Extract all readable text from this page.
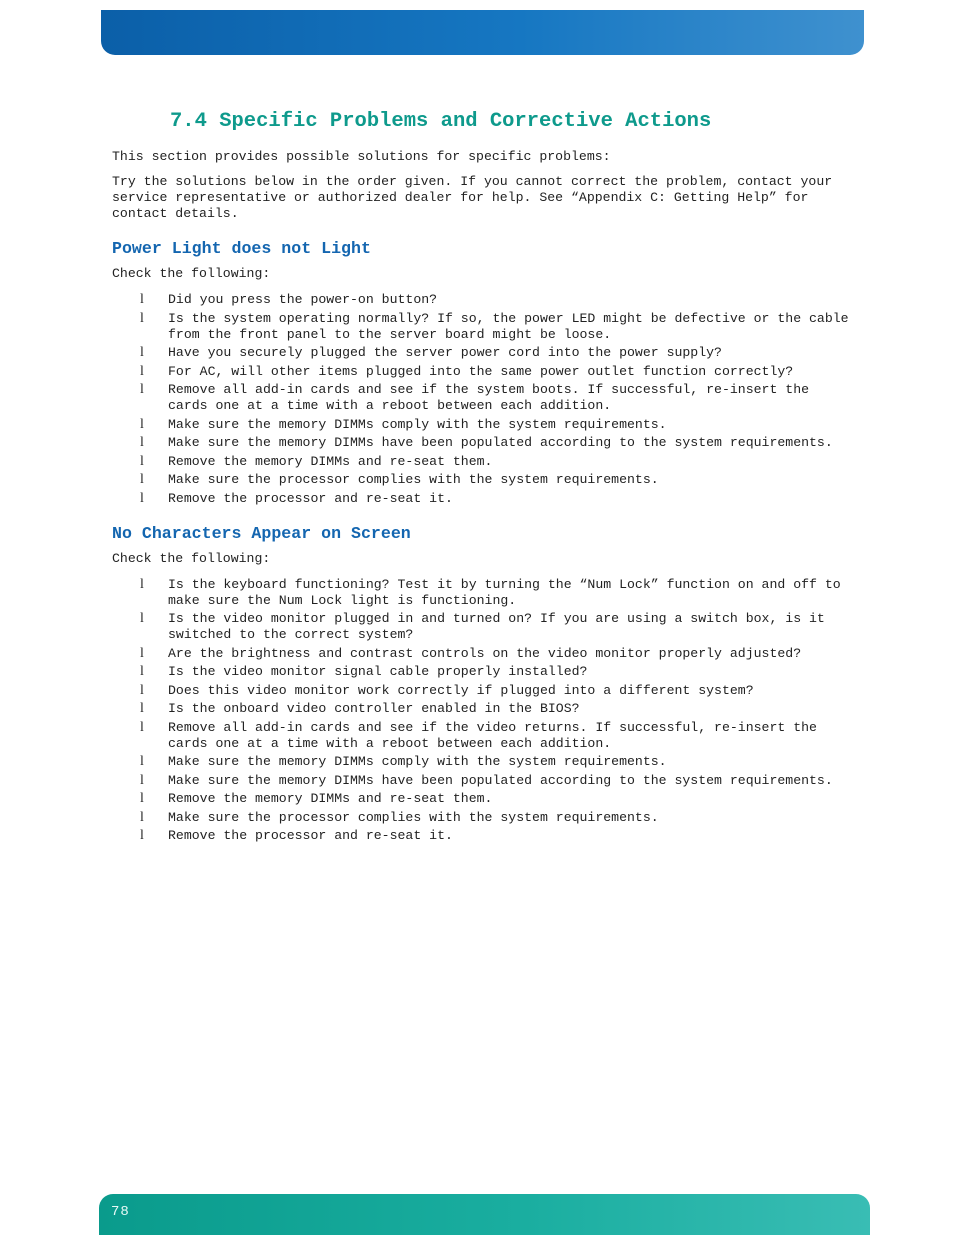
7.4 Specific Problems and Corrective Actions

This section provides possible solutions for specific problems:

Try the solutions below in the order given. If you cannot correct the problem, contact your service representative or authorized dealer for help. See “Appendix C: Getting Help” for contact details.

Power Light does not Light

Check the following:

l Did you press the power-on button?
l Is the system operating normally? If so, the power LED might be defective or the cable from the front panel to the server board might be loose.
l Have you securely plugged the server power cord into the power supply?
l For AC, will other items plugged into the same power outlet function correctly?
l Remove all add-in cards and see if the system boots. If successful, re-insert the cards one at a time with a reboot between each addition.
l Make sure the memory DIMMs comply with the system requirements.
l Make sure the memory DIMMs have been populated according to the system requirements.
l Remove the memory DIMMs and re-seat them.
l Make sure the processor complies with the system requirements.
l Remove the processor and re-seat it.
No Characters Appear on Screen

Check the following:

l Is the keyboard functioning? Test it by turning the “Num Lock” function on and off to make sure the Num Lock light is functioning.
l Is the video monitor plugged in and turned on? If you are using a switch box, is it switched to the correct system?
l Are the brightness and contrast controls on the video monitor properly adjusted?
l Is the video monitor signal cable properly installed?
l Does this video monitor work correctly if plugged into a different system?
l Is the onboard video controller enabled in the BIOS?
l Remove all add-in cards and see if the video returns. If successful, re-insert the cards one at a time with a reboot between each addition.
l Make sure the memory DIMMs comply with the system requirements.
l Make sure the memory DIMMs have been populated according to the system requirements.
l Remove the memory DIMMs and re-seat them.
l Make sure the processor complies with the system requirements.
l Remove the processor and re-seat it.
78
